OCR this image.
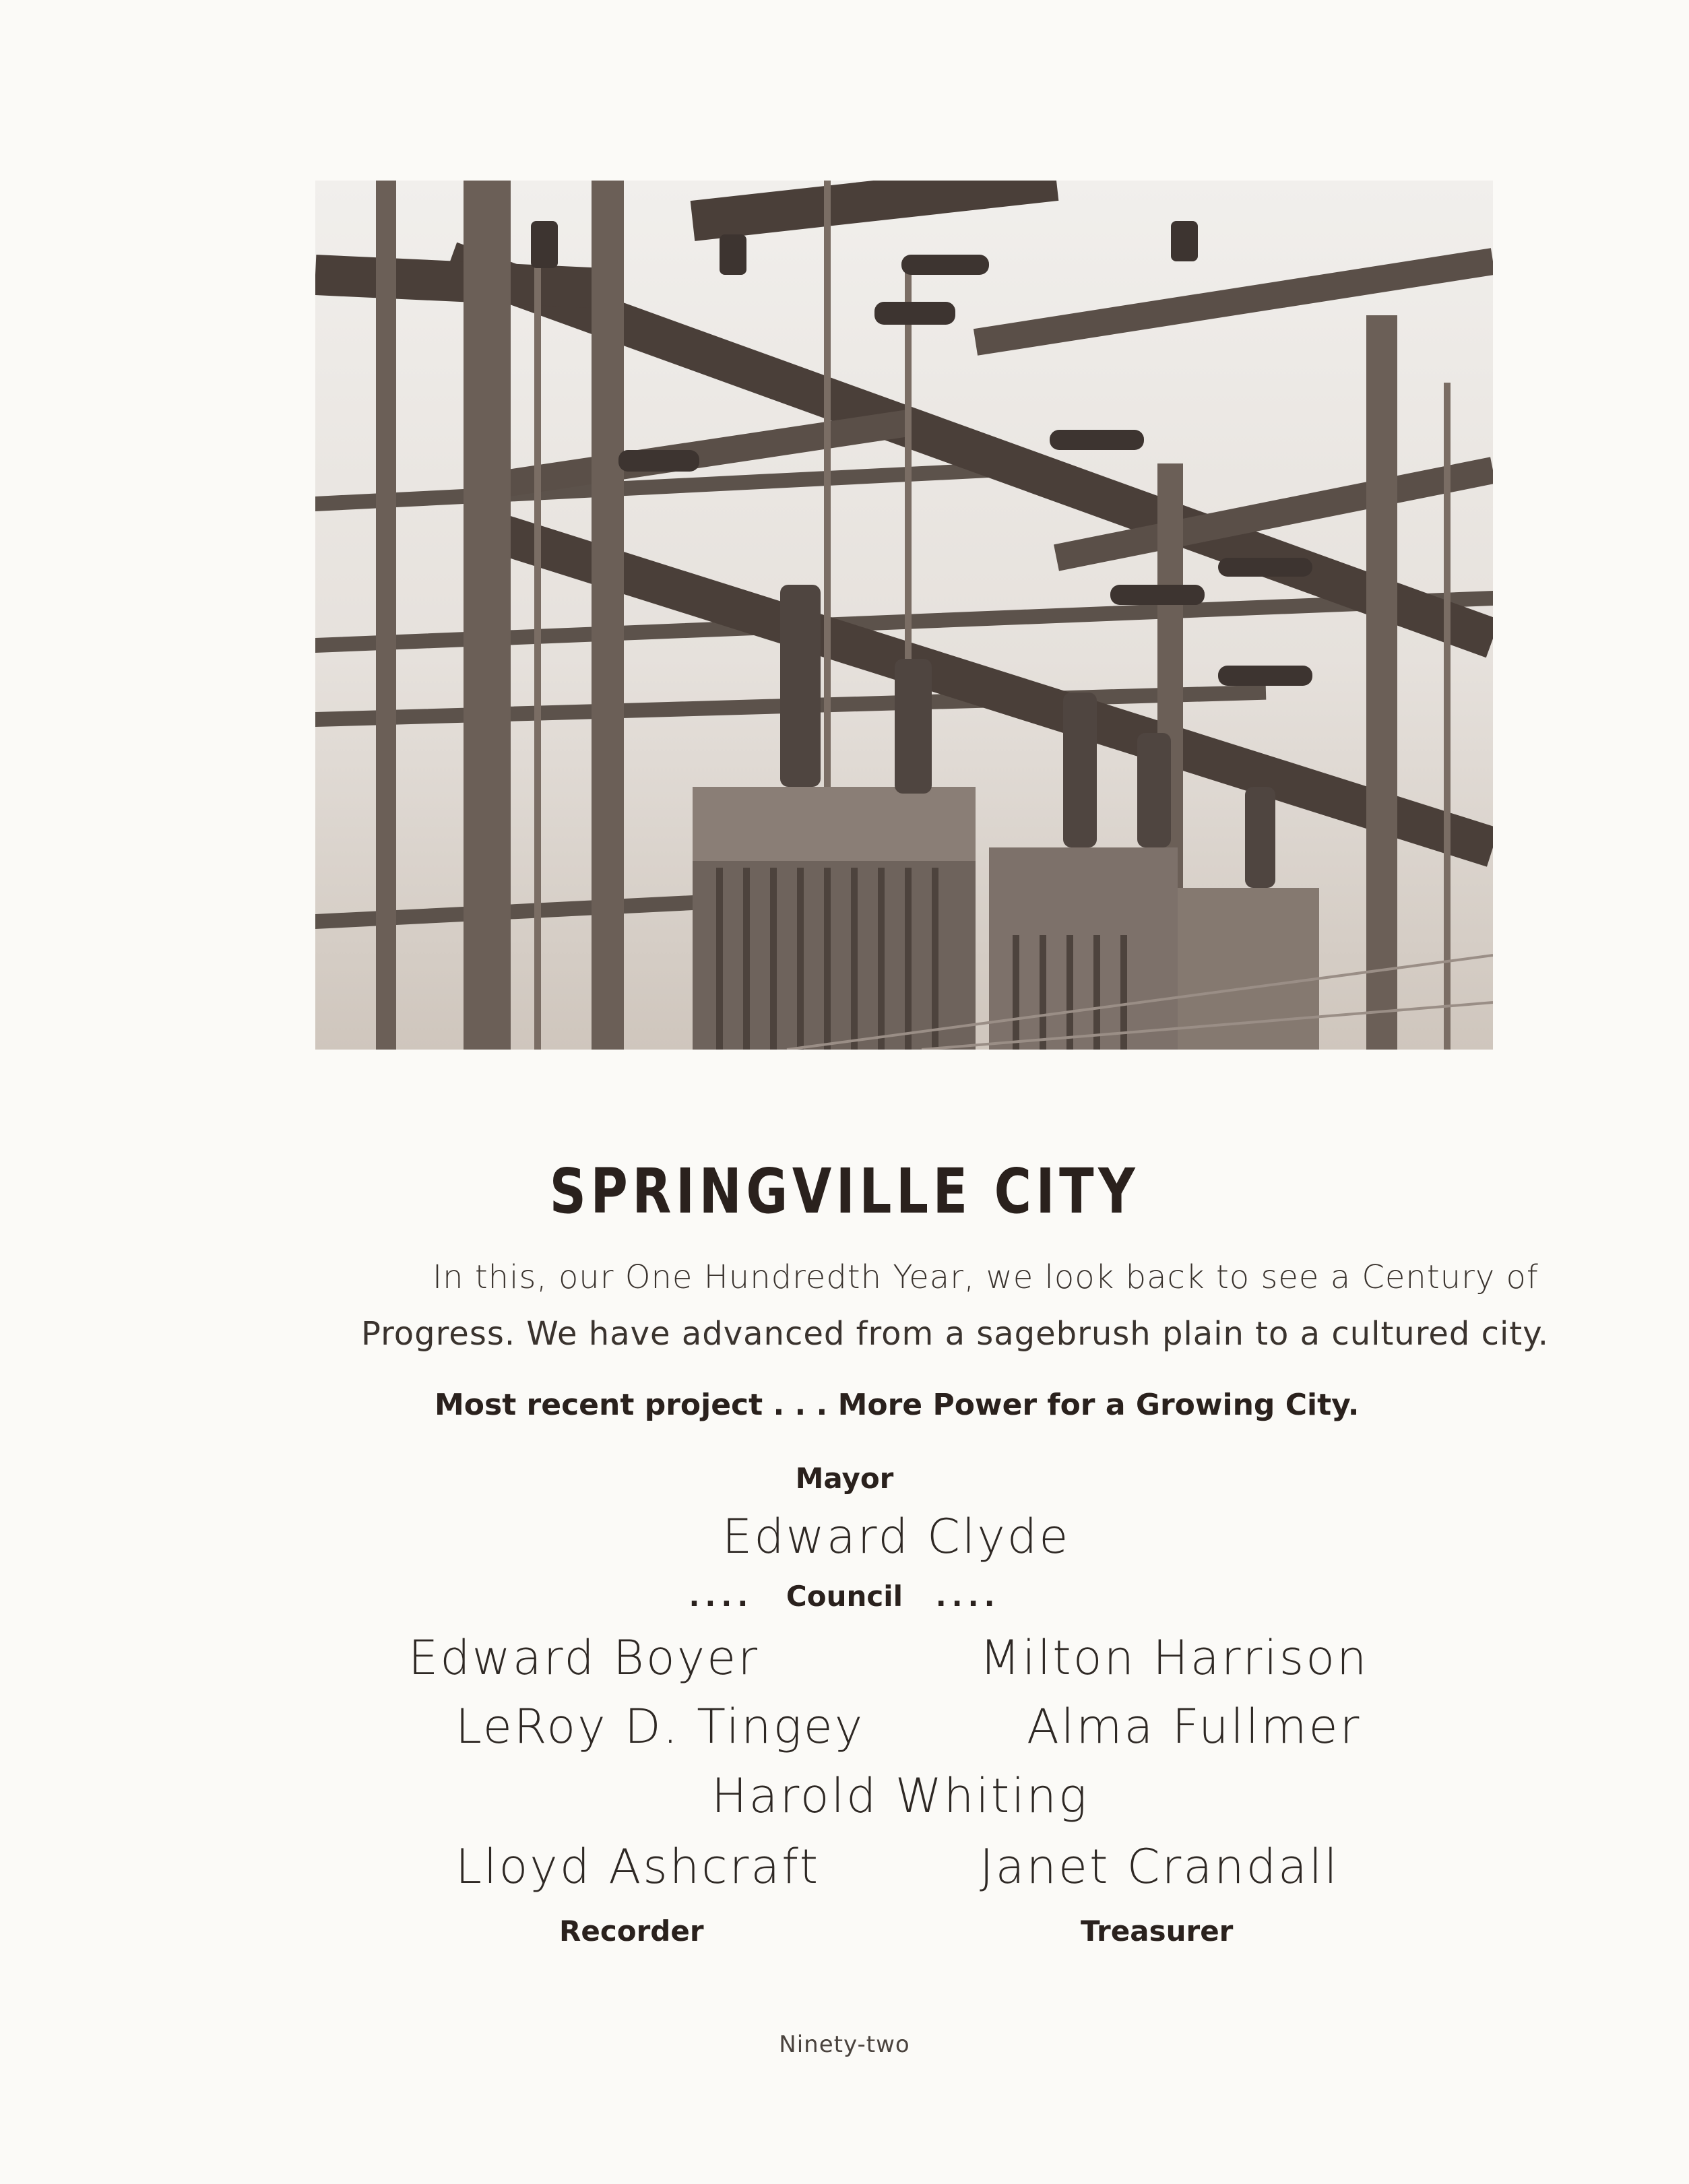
SPRINGVILLE CITY
In this, our One Hundredth Year, we look back to see a Century of
Progress. We have advanced from a sagebrush plain to a cultured city.
Most recent project . . . More Power for a Growing City.
Mayor
Edward Clyde
.... Council ....
Edward Boyer	Milton Harrison
LeRoy D. Tingey	Alma Fullmer
Harold Whiting
Lloyd Ashcraft	Janet Crandall
Recorder	Treasurer
Ninety-two
